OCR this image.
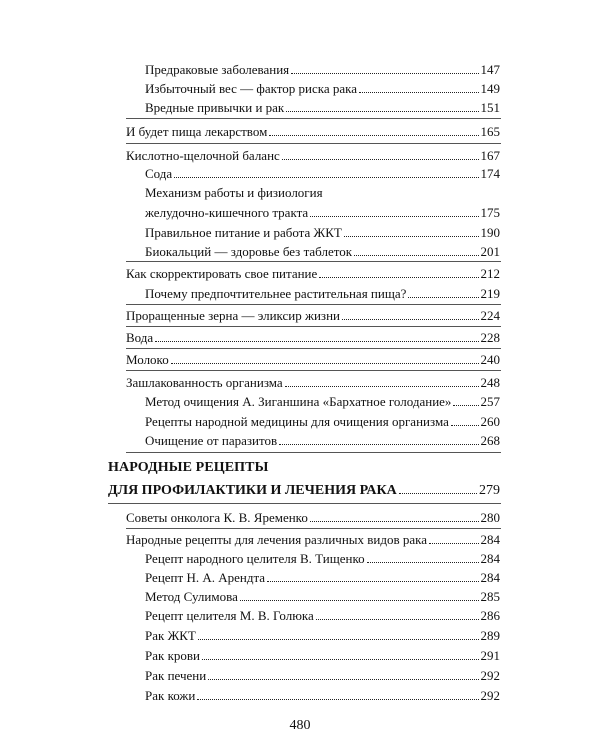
Предраковые заболевания	147
Избыточный вес — фактор риска рака	149
Вредные привычки и рак	151
И будет пища лекарством	165
Кислотно-щелочной баланс	167
Сода	174
Механизм работы и физиология
желудочно-кишечного тракта	175
Правильное питание и работа ЖКТ	190
Биокальций — здоровье без таблеток	201
Как скорректировать свое питание	212
Почему предпочтительнее растительная пища?	219
Проращенные зерна — эликсир жизни	224
Вода	228
Молоко	240
Зашлакованность организма	248
Метод очищения А. Зиганшина «Бархатное голодание» 257
Рецепты народной медицины для очищения организма 260
Очищение от паразитов	268
НАРОДНЫЕ РЕЦЕПТЫ
ДЛЯ ПРОФИЛАКТИКИ И ЛЕЧЕНИЯ РАКА	279
Советы онколога К. В. Яременко	280
Народные рецепты для лечения различных видов рака	284
Рецепт народного целителя В. Тищенко	284
Рецепт Н. А. Арендта	284
Метод Сулимова	285
Рецепт целителя М. В. Голюка	286
Рак ЖКТ	289
Рак крови	291
Рак печени	292
Рак кожи	292
480
